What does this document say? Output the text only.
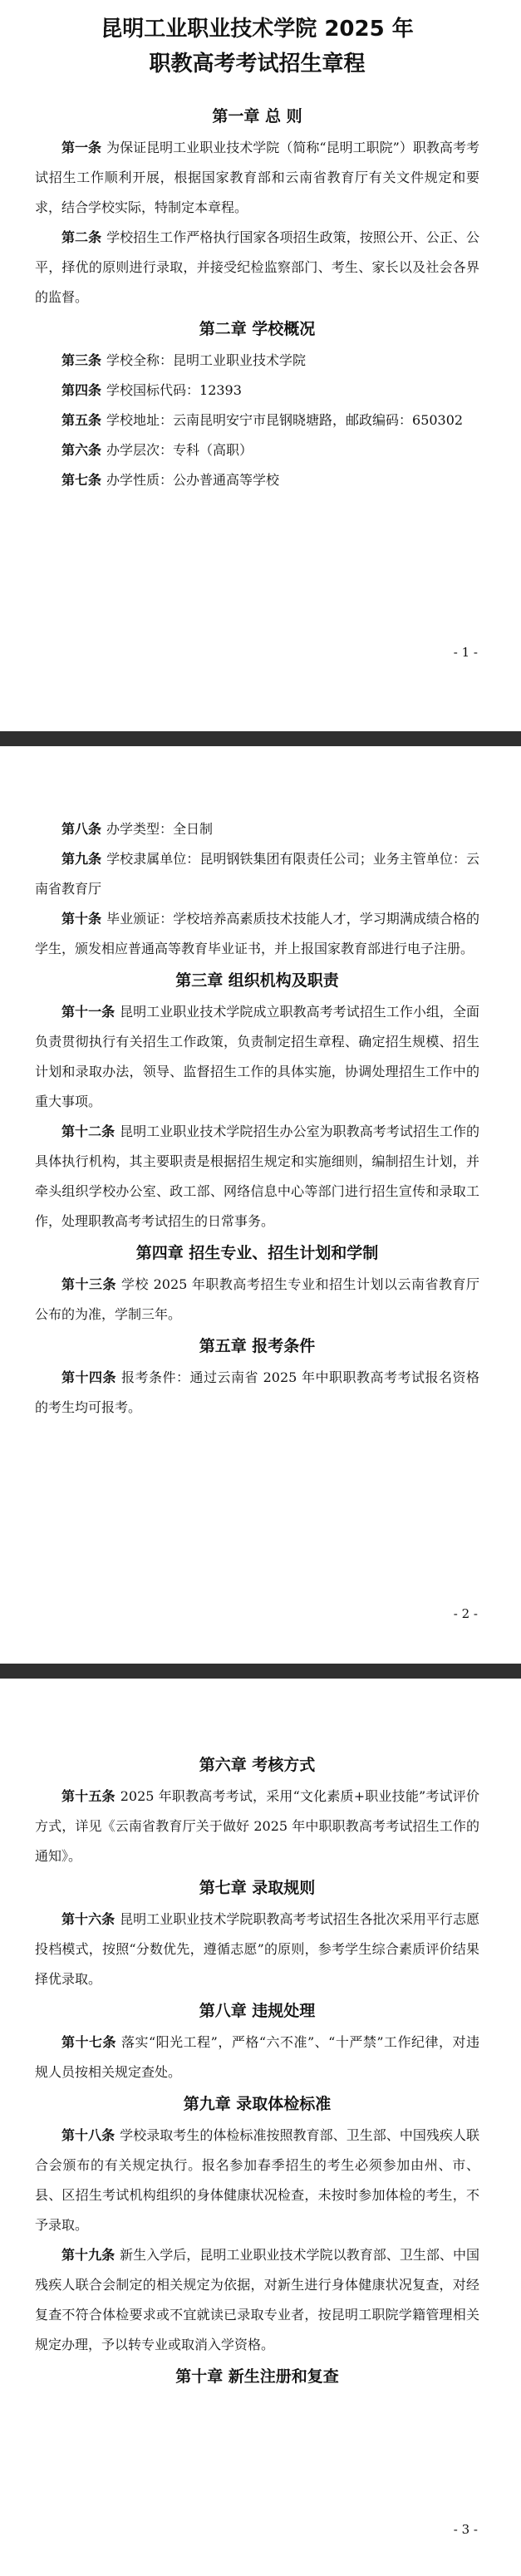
昆明工业职业技术学院 2025 年

职教高考考试招生章程

第一章 总 则

第一条 为保证昆明工业职业技术学院（简称“昆明工职院”）职教高考考试招生工作顺利开展，根据国家教育部和云南省教育厅有关文件规定和要求，结合学校实际，特制定本章程。

第二条 学校招生工作严格执行国家各项招生政策，按照公开、公正、公平，择优的原则进行录取，并接受纪检监察部门、考生、家长以及社会各界的监督。

第二章 学校概况

第三条 学校全称：昆明工业职业技术学院

第四条 学校国标代码：12393

第五条 学校地址：云南昆明安宁市昆钢晓塘路，邮政编码：650302

第六条 办学层次：专科（高职）

第七条 办学性质：公办普通高等学校

- 1 -

第八条 办学类型：全日制

第九条 学校隶属单位：昆明钢铁集团有限责任公司；业务主管单位：云南省教育厅

第十条 毕业颁证：学校培养高素质技术技能人才，学习期满成绩合格的学生，颁发相应普通高等教育毕业证书，并上报国家教育部进行电子注册。

第三章 组织机构及职责

第十一条 昆明工业职业技术学院成立职教高考考试招生工作小组，全面负责贯彻执行有关招生工作政策，负责制定招生章程、确定招生规模、招生计划和录取办法，领导、监督招生工作的具体实施，协调处理招生工作中的重大事项。

第十二条 昆明工业职业技术学院招生办公室为职教高考考试招生工作的具体执行机构，其主要职责是根据招生规定和实施细则，编制招生计划，并牵头组织学校办公室、政工部、网络信息中心等部门进行招生宣传和录取工作，处理职教高考考试招生的日常事务。

第四章 招生专业、招生计划和学制

第十三条 学校 2025 年职教高考招生专业和招生计划以云南省教育厅公布的为准，学制三年。

第五章 报考条件

第十四条 报考条件：通过云南省 2025 年中职职教高考考试报名资格的考生均可报考。

- 2 -

第六章 考核方式

第十五条 2025 年职教高考考试，采用“文化素质+职业技能”考试评价方式，详见《云南省教育厅关于做好 2025 年中职职教高考考试招生工作的通知》。

第七章 录取规则

第十六条 昆明工业职业技术学院职教高考考试招生各批次采用平行志愿投档模式，按照“分数优先，遵循志愿”的原则，参考学生综合素质评价结果择优录取。

第八章 违规处理

第十七条 落实“阳光工程”，严格“六不准”、“十严禁”工作纪律，对违规人员按相关规定查处。

第九章 录取体检标准

第十八条 学校录取考生的体检标准按照教育部、卫生部、中国残疾人联合会颁布的有关规定执行。报名参加春季招生的考生必须参加由州、市、县、区招生考试机构组织的身体健康状况检查，未按时参加体检的考生，不予录取。

第十九条 新生入学后，昆明工业职业技术学院以教育部、卫生部、中国残疾人联合会制定的相关规定为依据，对新生进行身体健康状况复查，对经复查不符合体检要求或不宜就读已录取专业者，按昆明工职院学籍管理相关规定办理，予以转专业或取消入学资格。

第十章 新生注册和复查

- 3 -
